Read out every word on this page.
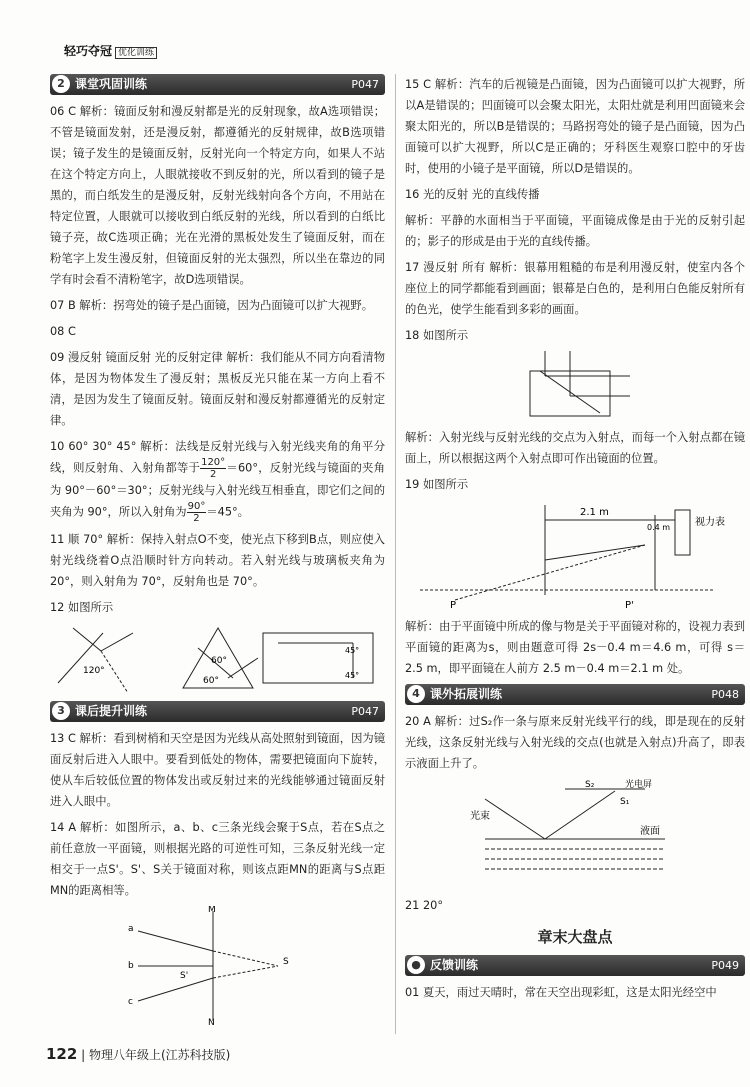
轻巧夺冠 优化训练
2 课堂巩固训练	P047

06 C 解析：镜面反射和漫反射都是光的反射现象，故A选项错误；不管是镜面发射，还是漫反射，都遵循光的反射规律，故B选项错误；镜子发生的是镜面反射，反射光向一个特定方向，如果人不站在这个特定方向上，人眼就接收不到反射的光，所以看到的镜子是黑的，而白纸发生的是漫反射，反射光线射向各个方向，不用站在特定位置，人眼就可以接收到白纸反射的光线，所以看到的白纸比镜子亮，故C选项正确；光在光滑的黑板处发生了镜面反射，而在粉笔字上发生漫反射，但镜面反射的光太强烈，所以坐在靠边的同学有时会看不清粉笔字，故D选项错误。

07 B 解析：拐弯处的镜子是凸面镜，因为凸面镜可以扩大视野。

08 C

09 漫反射 镜面反射 光的反射定律 解析：我们能从不同方向看清物体，是因为物体发生了漫反射；黑板反光只能在某一方向上看不清，是因为发生了镜面反射。镜面反射和漫反射都遵循光的反射定律。

10 60° 30° 45° 解析：法线是反射光线与入射光线夹角的角平分线，则反射角、入射角都等于 $\frac{120^\circ}{2} =60^\circ$，反射光线与镜面的夹角为 90°－60°＝30°；反射光线与入射光线互相垂直，即它们之间的夹角为 90°，所以入射角为 $\frac{90^\circ}{2} =45^\circ$。

11 顺 70° 解析：保持入射点O不变，使光点下移到B点，则应使入射光线绕着O点沿顺时针方向转动。若入射光线与玻璃板夹角为 20°，则入射角为 70°，反射角也是 70°。

12 如图所示

120°
60°
60°
45°
45°
3 课后提升训练	P047

13 C 解析：看到树梢和天空是因为光线从高处照射到镜面，因为镜面反射后进入人眼中。要看到低处的物体，需要把镜面向下旋转，使从车后较低位置的物体发出或反射过来的光线能够通过镜面反射进入人眼中。

14 A 解析：如图所示，a、b、c三条光线会聚于S点，若在S点之前任意放一平面镜，则根据光路的可逆性可知，三条反射光线一定相交于一点S'。S'、S关于镜面对称，则该点距MN的距离与S点距MN的距离相等。

M
N
a
b
c
S
S'

15 C 解析：汽车的后视镜是凸面镜，因为凸面镜可以扩大视野，所以A是错误的；凹面镜可以会聚太阳光，太阳灶就是利用凹面镜来会聚太阳光的，所以B是错误的；马路拐弯处的镜子是凸面镜，因为凸面镜可以扩大视野，所以C是正确的；牙科医生观察口腔中的牙齿时，使用的小镜子是平面镜，所以D是错误的。

16 光的反射 光的直线传播

解析：平静的水面相当于平面镜，平面镜成像是由于光的反射引起的；影子的形成是由于光的直线传播。

17 漫反射 所有 解析：银幕用粗糙的布是利用漫反射，使室内各个座位上的同学都能看到画面；银幕是白色的，是利用白色能反射所有的色光，使学生能看到多彩的画面。

18 如图所示

解析：入射光线与反射光线的交点为入射点，而每一个入射点都在镜面上，所以根据这两个入射点即可作出镜面的位置。

19 如图所示

2.1 m
0.4 m 视力表
P	P'

解析：由于平面镜中所成的像与物是关于平面镜对称的，设视力表到平面镜的距离为s，则由题意可得 2s－0.4 m＝4.6 m，可得 s＝2.5 m，即平面镜在人前方 2.5 m－0.4 m＝2.1 m 处。

4 课外拓展训练	P048

20 A 解析：过S₂作一条与原来反射光线平行的线，即是现在的反射光线，这条反射光线与入射光线的交点(也就是入射点)升高了，即表示液面上升了。

S₂
S₁
光电屏
光束
液面

21 20°

章末大盘点
● 反馈训练	P049

01 夏天，雨过天晴时，常在天空出现彩虹，这是太阳光经空中

122 | 物理八年级上(江苏科技版)
